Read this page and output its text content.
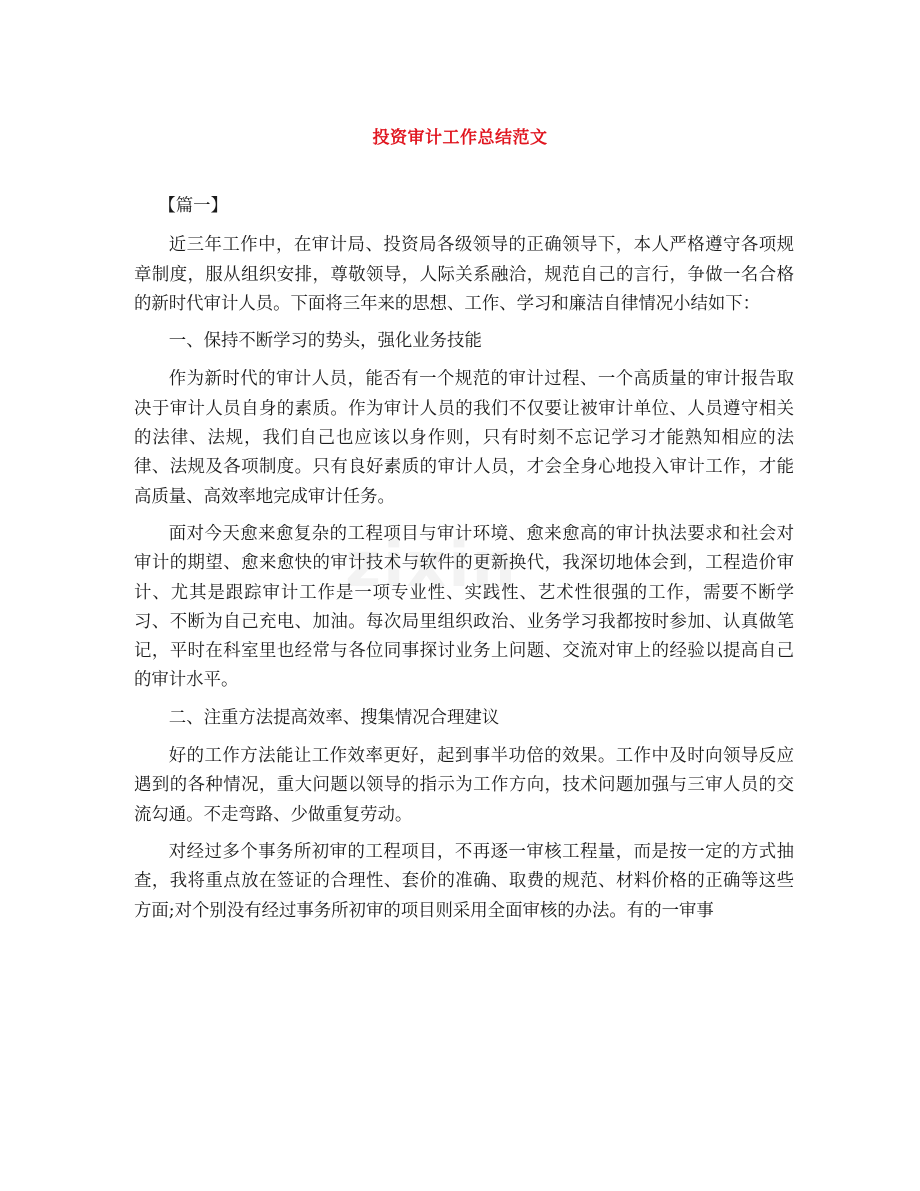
投资审计工作总结范文
zixin

【篇一】

近三年工作中，在审计局、投资局各级领导的正确领导下，本人严格遵守各项规章制度，服从组织安排，尊敬领导，人际关系融洽，规范自己的言行，争做一名合格的新时代审计人员。下面将三年来的思想、工作、学习和廉洁自律情况小结如下：

一、保持不断学习的势头，强化业务技能

作为新时代的审计人员，能否有一个规范的审计过程、一个高质量的审计报告取决于审计人员自身的素质。作为审计人员的我们不仅要让被审计单位、人员遵守相关的法律、法规，我们自己也应该以身作则，只有时刻不忘记学习才能熟知相应的法律、法规及各项制度。只有良好素质的审计人员，才会全身心地投入审计工作，才能高质量、高效率地完成审计任务。

面对今天愈来愈复杂的工程项目与审计环境、愈来愈高的审计执法要求和社会对审计的期望、愈来愈快的审计技术与软件的更新换代，我深切地体会到，工程造价审计、尤其是跟踪审计工作是一项专业性、实践性、艺术性很强的工作，需要不断学习、不断为自己充电、加油。每次局里组织政治、业务学习我都按时参加、认真做笔记，平时在科室里也经常与各位同事探讨业务上问题、交流对审上的经验以提高自己的审计水平。

二、注重方法提高效率、搜集情况合理建议

好的工作方法能让工作效率更好，起到事半功倍的效果。工作中及时向领导反应遇到的各种情况，重大问题以领导的指示为工作方向，技术问题加强与三审人员的交流勾通。不走弯路、少做重复劳动。

对经过多个事务所初审的工程项目，不再逐一审核工程量，而是按一定的方式抽查，我将重点放在签证的合理性、套价的准确、取费的规范、材料价格的正确等这些方面;对个别没有经过事务所初审的项目则采用全面审核的办法。有的一审事
